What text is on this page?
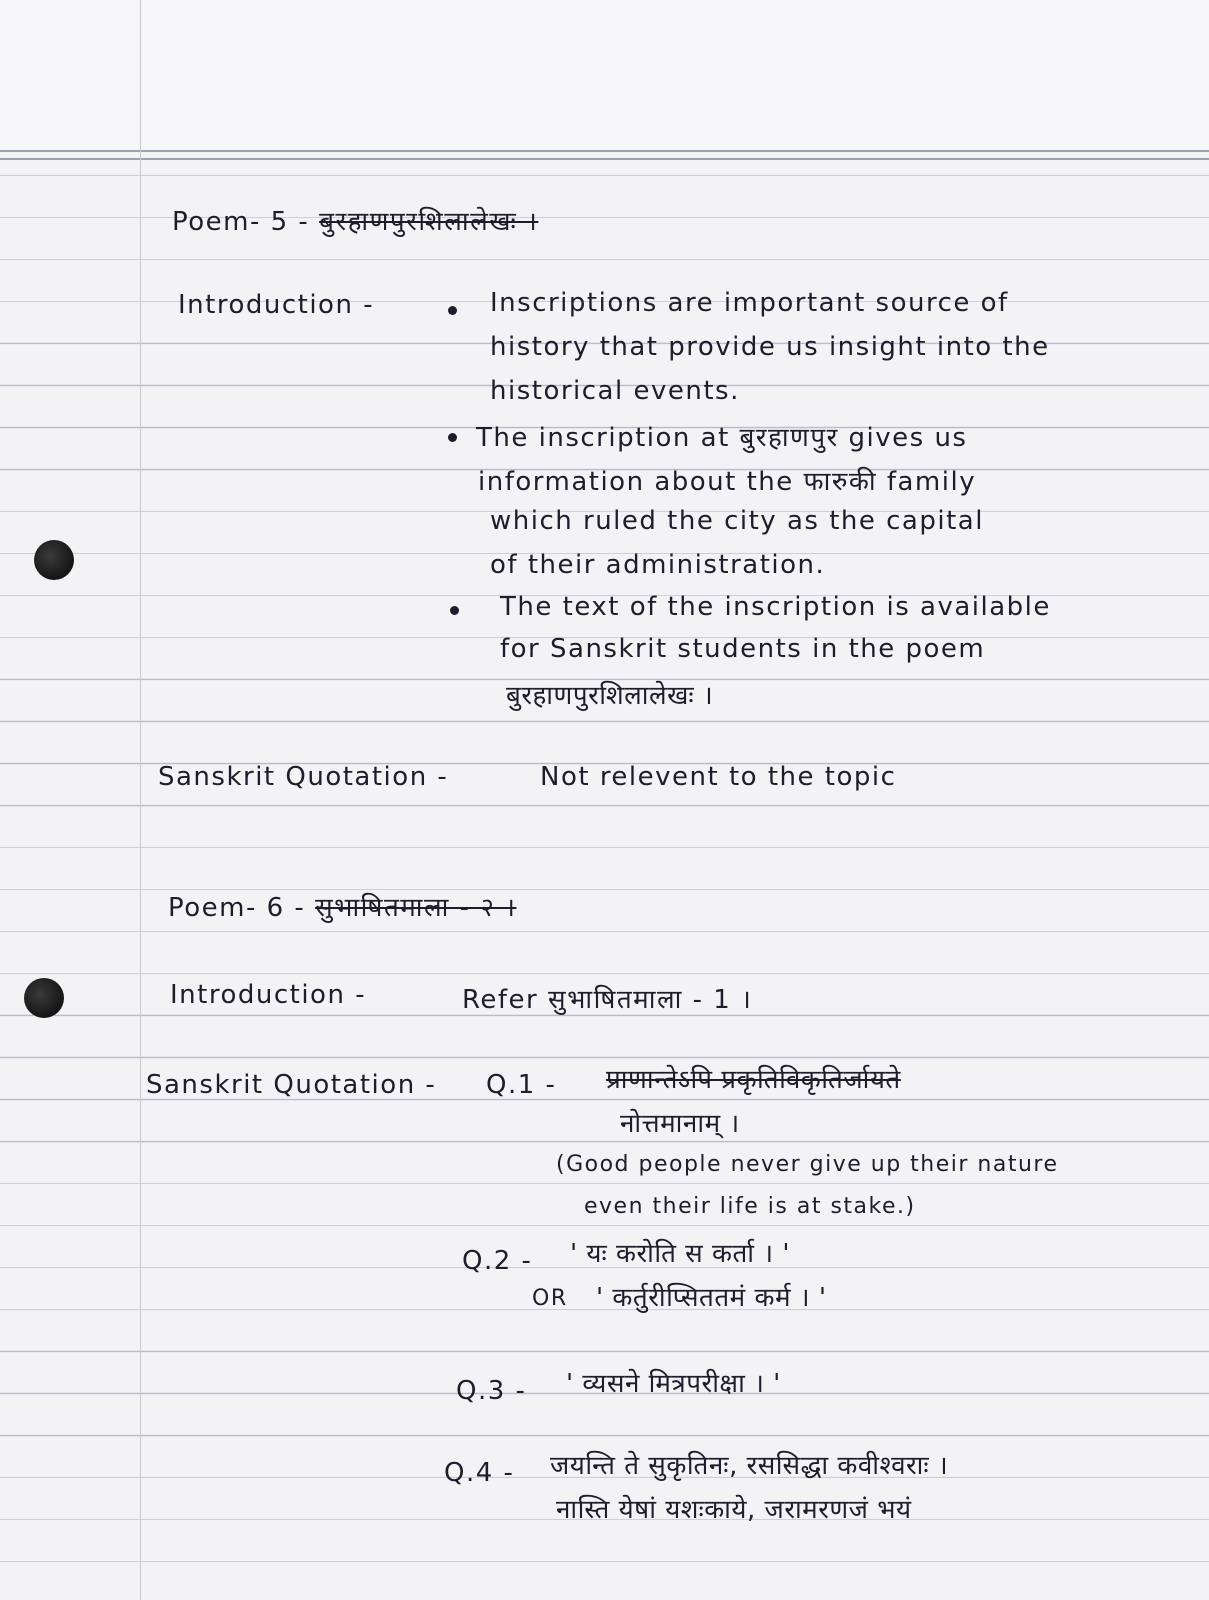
Poem- 5 - बुरहाणपुरशिलालेखः ।
Introduction -	Inscriptions are important source of
history that provide us insight into the
historical events.
The inscription at बुरहाणपुर gives us
information about the फारुकी family
which ruled the city as the capital
of their administration.
The text of the inscription is available
for Sanskrit students in the poem
बुरहाणपुरशिलालेखः ।
Sanskrit Quotation -	Not relevent to the topic
Poem- 6 - सुभाषितमाला - २ ।
Introduction -	Refer सुभाषितमाला - 1 ।
Sanskrit Quotation - Q.1 - प्राणान्तेऽपि प्रकृतिविकृतिर्जायते
नोत्तमानाम् ।
(Good people never give up their nature
even their life is at stake.)
Q.2 - ' यः करोति स कर्ता । '
OR ' कर्तुरीप्सिततमं कर्म । '
Q.3 - ' व्यसने मित्रपरीक्षा । '
Q.4 - जयन्ति ते सुकृतिनः, रससिद्धा कवीश्वराः ।
नास्ति येषां यशःकाये, जरामरणजं भयं
